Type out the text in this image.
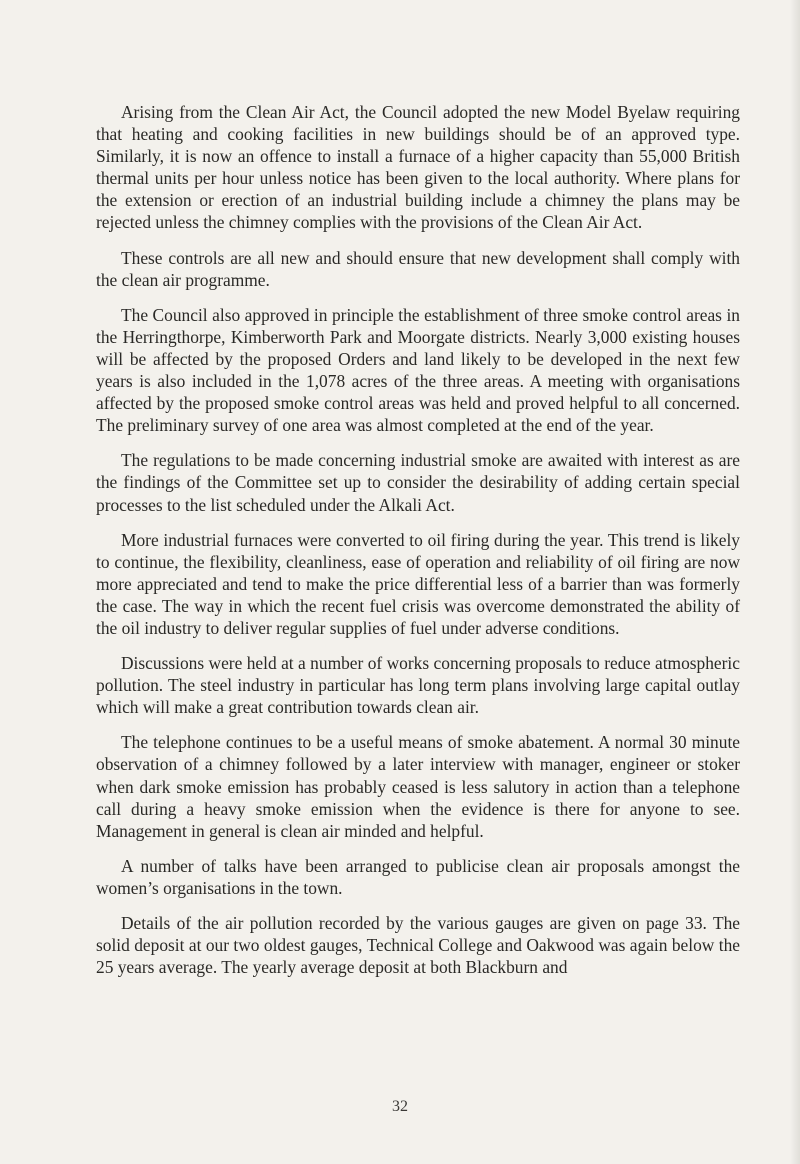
Arising from the Clean Air Act, the Council adopted the new Model Byelaw requiring that heating and cooking facilities in new buildings should be of an approved type. Similarly, it is now an offence to install a furnace of a higher capacity than 55,000 British thermal units per hour unless notice has been given to the local authority. Where plans for the extension or erection of an industrial building include a chimney the plans may be rejected unless the chimney complies with the provisions of the Clean Air Act.

These controls are all new and should ensure that new development shall comply with the clean air programme.

The Council also approved in principle the establishment of three smoke control areas in the Herringthorpe, Kimberworth Park and Moorgate districts. Nearly 3,000 existing houses will be affected by the proposed Orders and land likely to be developed in the next few years is also included in the 1,078 acres of the three areas. A meeting with organisations affected by the proposed smoke control areas was held and proved helpful to all concerned. The preliminary survey of one area was almost completed at the end of the year.

The regulations to be made concerning industrial smoke are awaited with interest as are the findings of the Committee set up to consider the desirability of adding certain special processes to the list scheduled under the Alkali Act.

More industrial furnaces were converted to oil firing during the year. This trend is likely to continue, the flexibility, cleanliness, ease of operation and reliability of oil firing are now more appreciated and tend to make the price differential less of a barrier than was formerly the case. The way in which the recent fuel crisis was overcome demonstrated the ability of the oil industry to deliver regular supplies of fuel under adverse conditions.

Discussions were held at a number of works concerning proposals to reduce atmospheric pollution. The steel industry in particular has long term plans involving large capital outlay which will make a great contribution towards clean air.

The telephone continues to be a useful means of smoke abatement. A normal 30 minute observation of a chimney followed by a later interview with manager, engineer or stoker when dark smoke emission has probably ceased is less salutory in action than a telephone call during a heavy smoke emission when the evidence is there for anyone to see. Management in general is clean air minded and helpful.

A number of talks have been arranged to publicise clean air proposals amongst the women’s organisations in the town.

Details of the air pollution recorded by the various gauges are given on page 33. The solid deposit at our two oldest gauges, Technical College and Oakwood was again below the 25 years average. The yearly average deposit at both Blackburn and

32
